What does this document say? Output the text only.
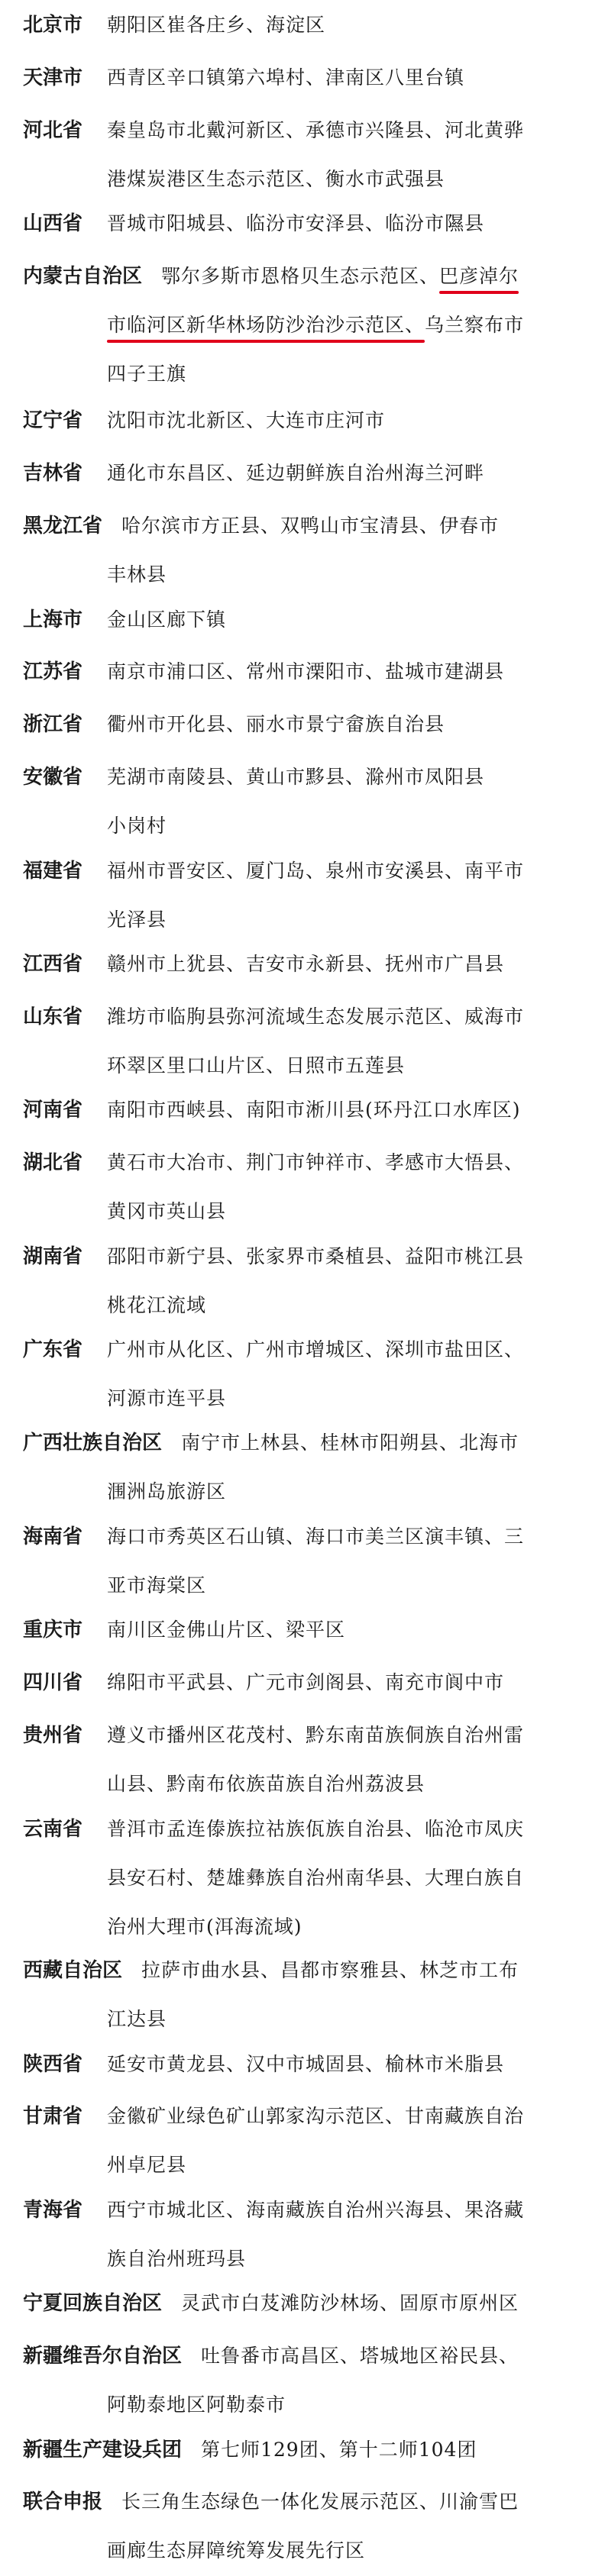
北京市 朝阳区崔各庄乡、海淀区
天津市 西青区辛口镇第六埠村、津南区八里台镇
河北省 秦皇岛市北戴河新区、承德市兴隆县、河北黄骅
港煤炭港区生态示范区、衡水市武强县
山西省 晋城市阳城县、临汾市安泽县、临汾市隰县
内蒙古自治区 鄂尔多斯市恩格贝生态示范区、巴彦淖尔
市临河区新华林场防沙治沙示范区、乌兰察布市
四子王旗
辽宁省 沈阳市沈北新区、大连市庄河市
吉林省 通化市东昌区、延边朝鲜族自治州海兰河畔
黑龙江省 哈尔滨市方正县、双鸭山市宝清县、伊春市
丰林县
上海市 金山区廊下镇
江苏省 南京市浦口区、常州市溧阳市、盐城市建湖县
浙江省 衢州市开化县、丽水市景宁畲族自治县
安徽省 芜湖市南陵县、黄山市黟县、滁州市凤阳县
小岗村
福建省 福州市晋安区、厦门岛、泉州市安溪县、南平市
光泽县
江西省 赣州市上犹县、吉安市永新县、抚州市广昌县
山东省 潍坊市临朐县弥河流域生态发展示范区、威海市
环翠区里口山片区、日照市五莲县
河南省 南阳市西峡县、南阳市淅川县(环丹江口水库区)
湖北省 黄石市大冶市、荆门市钟祥市、孝感市大悟县、
黄冈市英山县
湖南省 邵阳市新宁县、张家界市桑植县、益阳市桃江县
桃花江流域
广东省 广州市从化区、广州市增城区、深圳市盐田区、
河源市连平县
广西壮族自治区 南宁市上林县、桂林市阳朔县、北海市
涠洲岛旅游区
海南省 海口市秀英区石山镇、海口市美兰区演丰镇、三
亚市海棠区
重庆市 南川区金佛山片区、梁平区
四川省 绵阳市平武县、广元市剑阁县、南充市阆中市
贵州省 遵义市播州区花茂村、黔东南苗族侗族自治州雷
山县、黔南布依族苗族自治州荔波县
云南省 普洱市孟连傣族拉祜族佤族自治县、临沧市凤庆
县安石村、楚雄彝族自治州南华县、大理白族自
治州大理市(洱海流域)
西藏自治区 拉萨市曲水县、昌都市察雅县、林芝市工布
江达县
陕西省 延安市黄龙县、汉中市城固县、榆林市米脂县
甘肃省 金徽矿业绿色矿山郭家沟示范区、甘南藏族自治
州卓尼县
青海省 西宁市城北区、海南藏族自治州兴海县、果洛藏
族自治州班玛县
宁夏回族自治区 灵武市白芨滩防沙林场、固原市原州区
新疆维吾尔自治区 吐鲁番市高昌区、塔城地区裕民县、
阿勒泰地区阿勒泰市
新疆生产建设兵团 第七师129团、第十二师104团
联合申报 长三角生态绿色一体化发展示范区、川渝雪巴
画廊生态屏障统筹发展先行区
